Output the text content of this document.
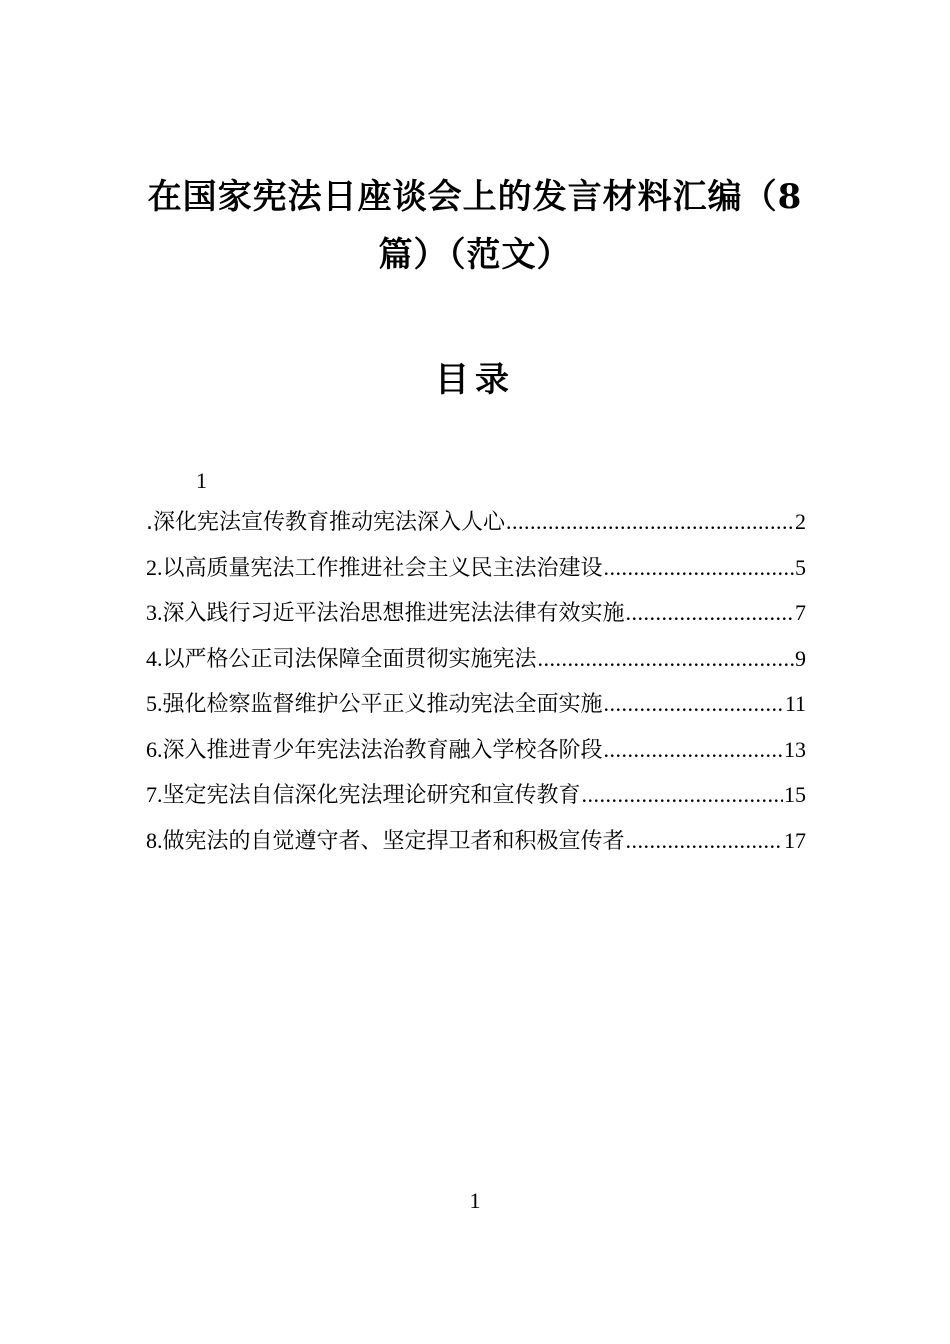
在国家宪法日座谈会上的发言材料汇编（8
篇）（范文）
目录
1
.深化宪法宣传教育推动宪法深入人心 .....	2
2. 以高质量宪法工作推进社会主义民主法治建设 .....	5
3. 深入践行习近平法治思想推进宪法法律有效实施 .....	7
4. 以严格公正司法保障全面贯彻实施宪法 .....	9
5. 强化检察监督维护公平正义推动宪法全面实施 .....	11
6. 深入推进青少年宪法法治教育融入学校各阶段 .....	13
7. 坚定宪法自信深化宪法理论研究和宣传教育 .....	15
8. 做宪法的自觉遵守者、坚定捍卫者和积极宣传者 .....	17
1
